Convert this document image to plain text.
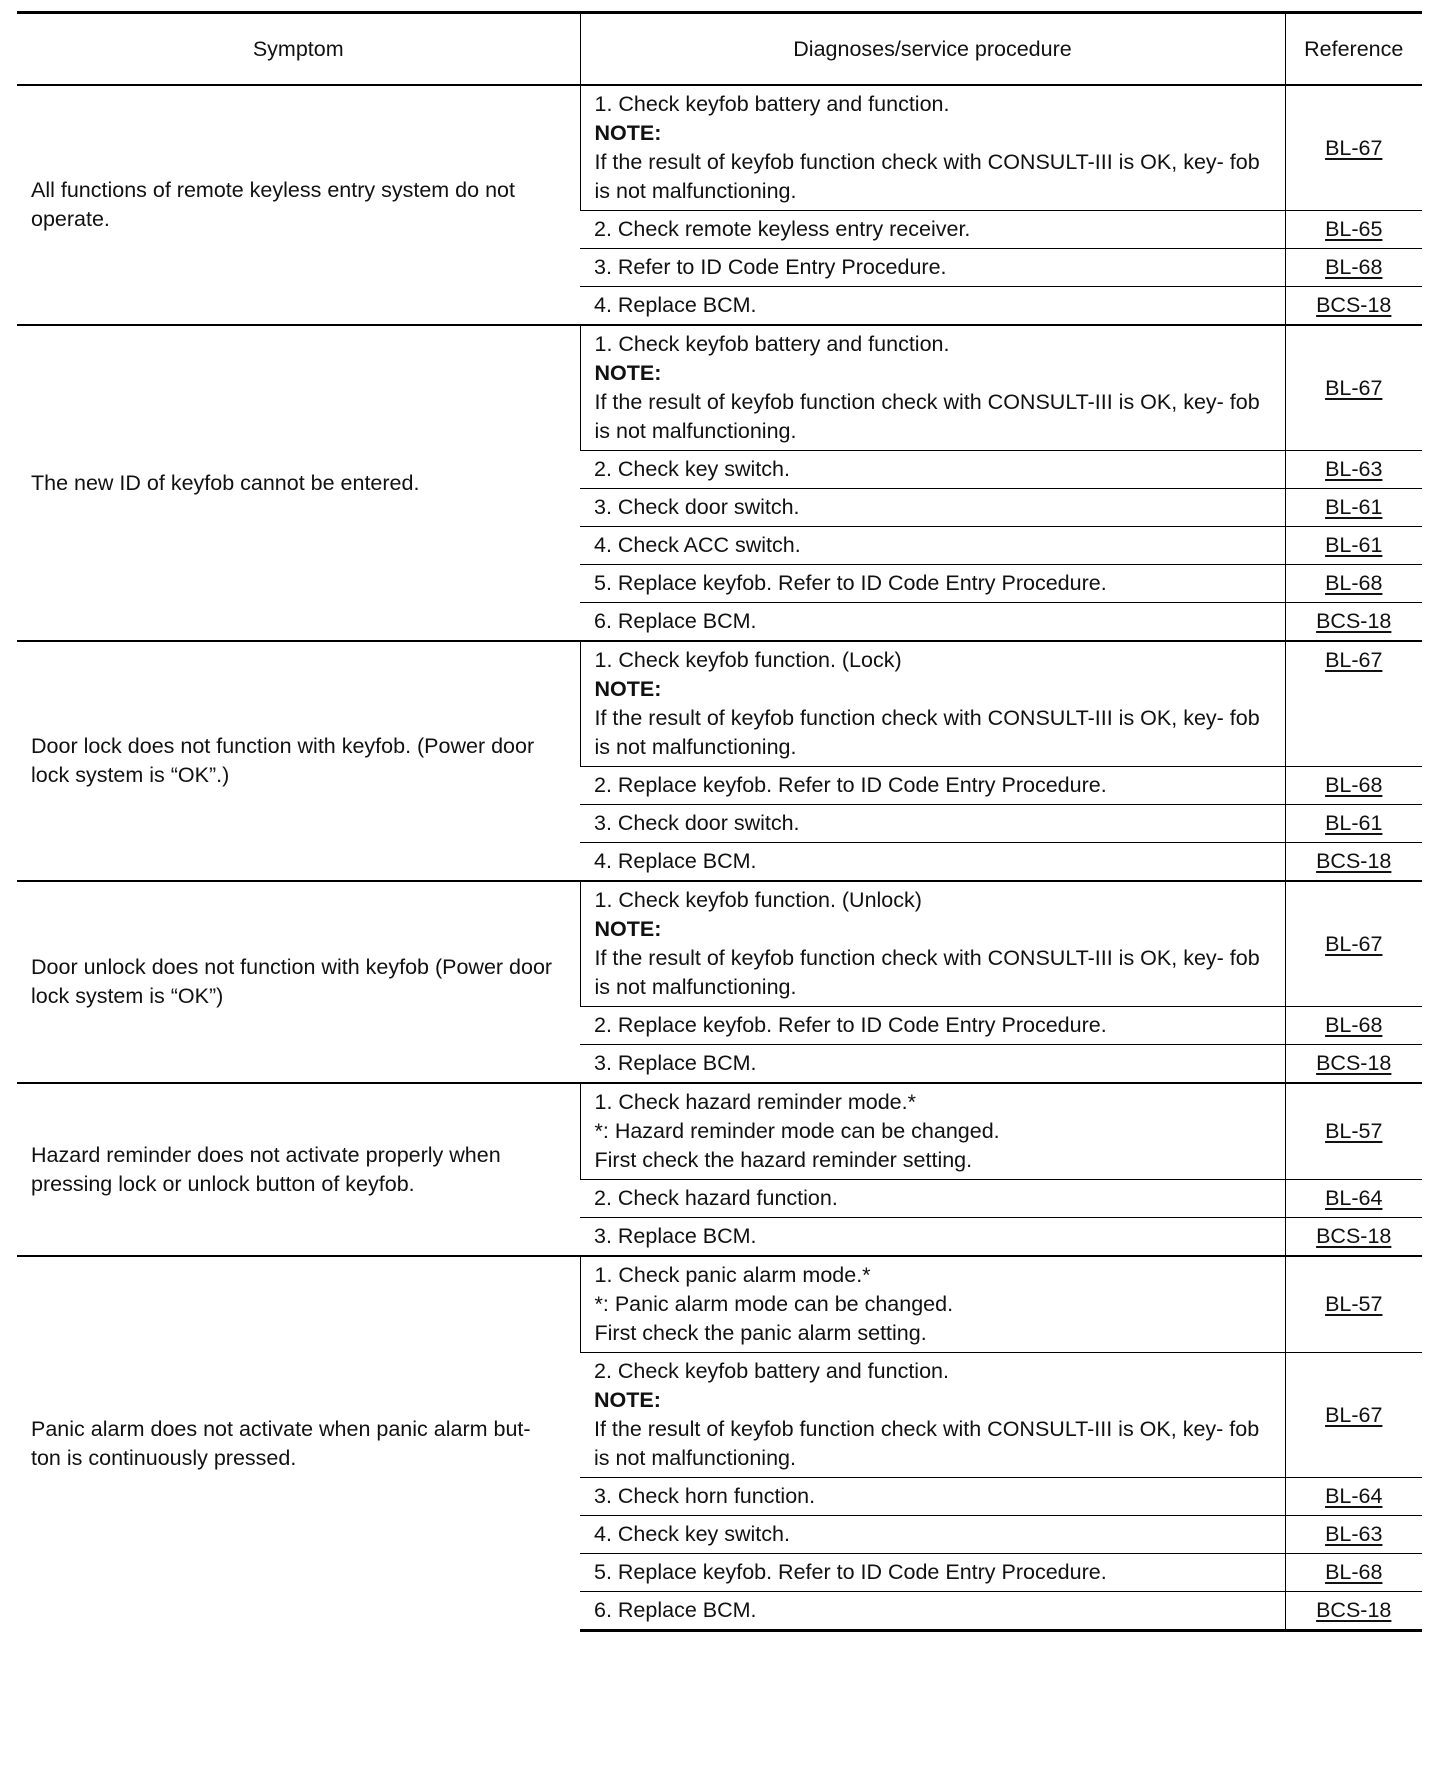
Symptom	Diagnoses/service procedure	Reference
All functions of remote keyless entry system do not operate.	1. Check keyfob battery and function.
NOTE:
If the result of keyfob function check with CONSULT-III is OK, key- fob is not malfunctioning.	BL-67

	2. Check remote keyless entry receiver.	BL-65

	3. Refer to ID Code Entry Procedure.	BL-68

	4. Replace BCM.	BCS-18
The new ID of keyfob cannot be entered.	1. Check keyfob battery and function.
NOTE:
If the result of keyfob function check with CONSULT-III is OK, key- fob is not malfunctioning.	BL-67

	2. Check key switch.	BL-63

	3. Check door switch.	BL-61

	4. Check ACC switch.	BL-61

	5. Replace keyfob. Refer to ID Code Entry Procedure.	BL-68

	6. Replace BCM.	BCS-18
Door lock does not function with keyfob. (Power door lock system is “OK”.)	1. Check keyfob function. (Lock)
NOTE:
If the result of keyfob function check with CONSULT-III is OK, key- fob is not malfunctioning.	BL-67

	2. Replace keyfob. Refer to ID Code Entry Procedure.	BL-68

	3. Check door switch.	BL-61

	4. Replace BCM.	BCS-18
Door unlock does not function with keyfob (Power door lock system is “OK”)	1. Check keyfob function. (Unlock)
NOTE:
If the result of keyfob function check with CONSULT-III is OK, key- fob is not malfunctioning.	BL-67

	2. Replace keyfob. Refer to ID Code Entry Procedure.	BL-68

	3. Replace BCM.	BCS-18
Hazard reminder does not activate properly when pressing lock or unlock button of keyfob.	1. Check hazard reminder mode.*
*: Hazard reminder mode can be changed.
First check the hazard reminder setting.	BL-57

	2. Check hazard function.	BL-64

	3. Replace BCM.	BCS-18
Panic alarm does not activate when panic alarm but- ton is continuously pressed.	1. Check panic alarm mode.*
*: Panic alarm mode can be changed.
First check the panic alarm setting.	BL-57

	2. Check keyfob battery and function.
NOTE:
If the result of keyfob function check with CONSULT-III is OK, key- fob is not malfunctioning.	BL-67

	3. Check horn function.	BL-64

	4. Check key switch.	BL-63

	5. Replace keyfob. Refer to ID Code Entry Procedure.	BL-68

	6. Replace BCM.	BCS-18
